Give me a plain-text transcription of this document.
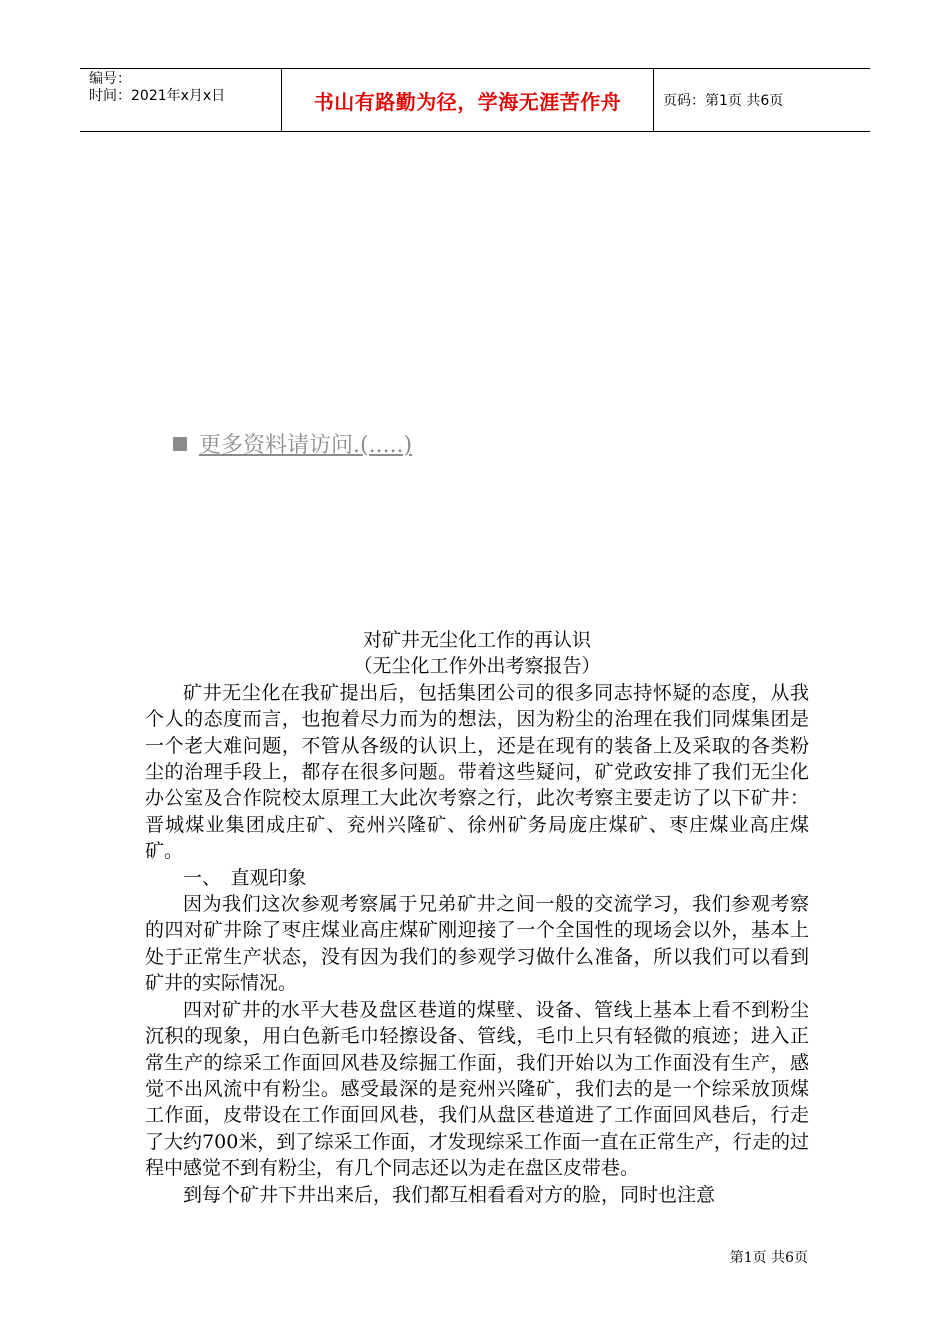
编号：
时间：2021年x月x日	书山有路勤为径，学海无涯苦作舟	页码：第1页 共6页
更多资料请访问.(.....)
对矿井无尘化工作的再认识
（无尘化工作外出考察报告）

矿井无尘化在我矿提出后，包括集团公司的很多同志持怀疑的态度，从我个人的态度而言，也抱着尽力而为的想法，因为粉尘的治理在我们同煤集团是一个老大难问题，不管从各级的认识上，还是在现有的装备上及采取的各类粉尘的治理手段上，都存在很多问题。带着这些疑问，矿党政安排了我们无尘化办公室及合作院校太原理工大此次考察之行，此次考察主要走访了以下矿井：晋城煤业集团成庄矿、兖州兴隆矿、徐州矿务局庞庄煤矿、枣庄煤业高庄煤矿。

一、　直观印象

因为我们这次参观考察属于兄弟矿井之间一般的交流学习，我们参观考察的四对矿井除了枣庄煤业高庄煤矿刚迎接了一个全国性的现场会以外，基本上处于正常生产状态，没有因为我们的参观学习做什么准备，所以我们可以看到矿井的实际情况。

四对矿井的水平大巷及盘区巷道的煤壁、设备、管线上基本上看不到粉尘沉积的现象，用白色新毛巾轻擦设备、管线，毛巾上只有轻微的痕迹；进入正常生产的综采工作面回风巷及综掘工作面，我们开始以为工作面没有生产，感觉不出风流中有粉尘。感受最深的是兖州兴隆矿，我们去的是一个综采放顶煤工作面，皮带设在工作面回风巷，我们从盘区巷道进了工作面回风巷后，行走了大约700米，到了综采工作面，才发现综采工作面一直在正常生产，行走的过程中感觉不到有粉尘，有几个同志还以为走在盘区皮带巷。

到每个矿井下井出来后，我们都互相看看对方的脸，同时也注意

第1页 共6页
